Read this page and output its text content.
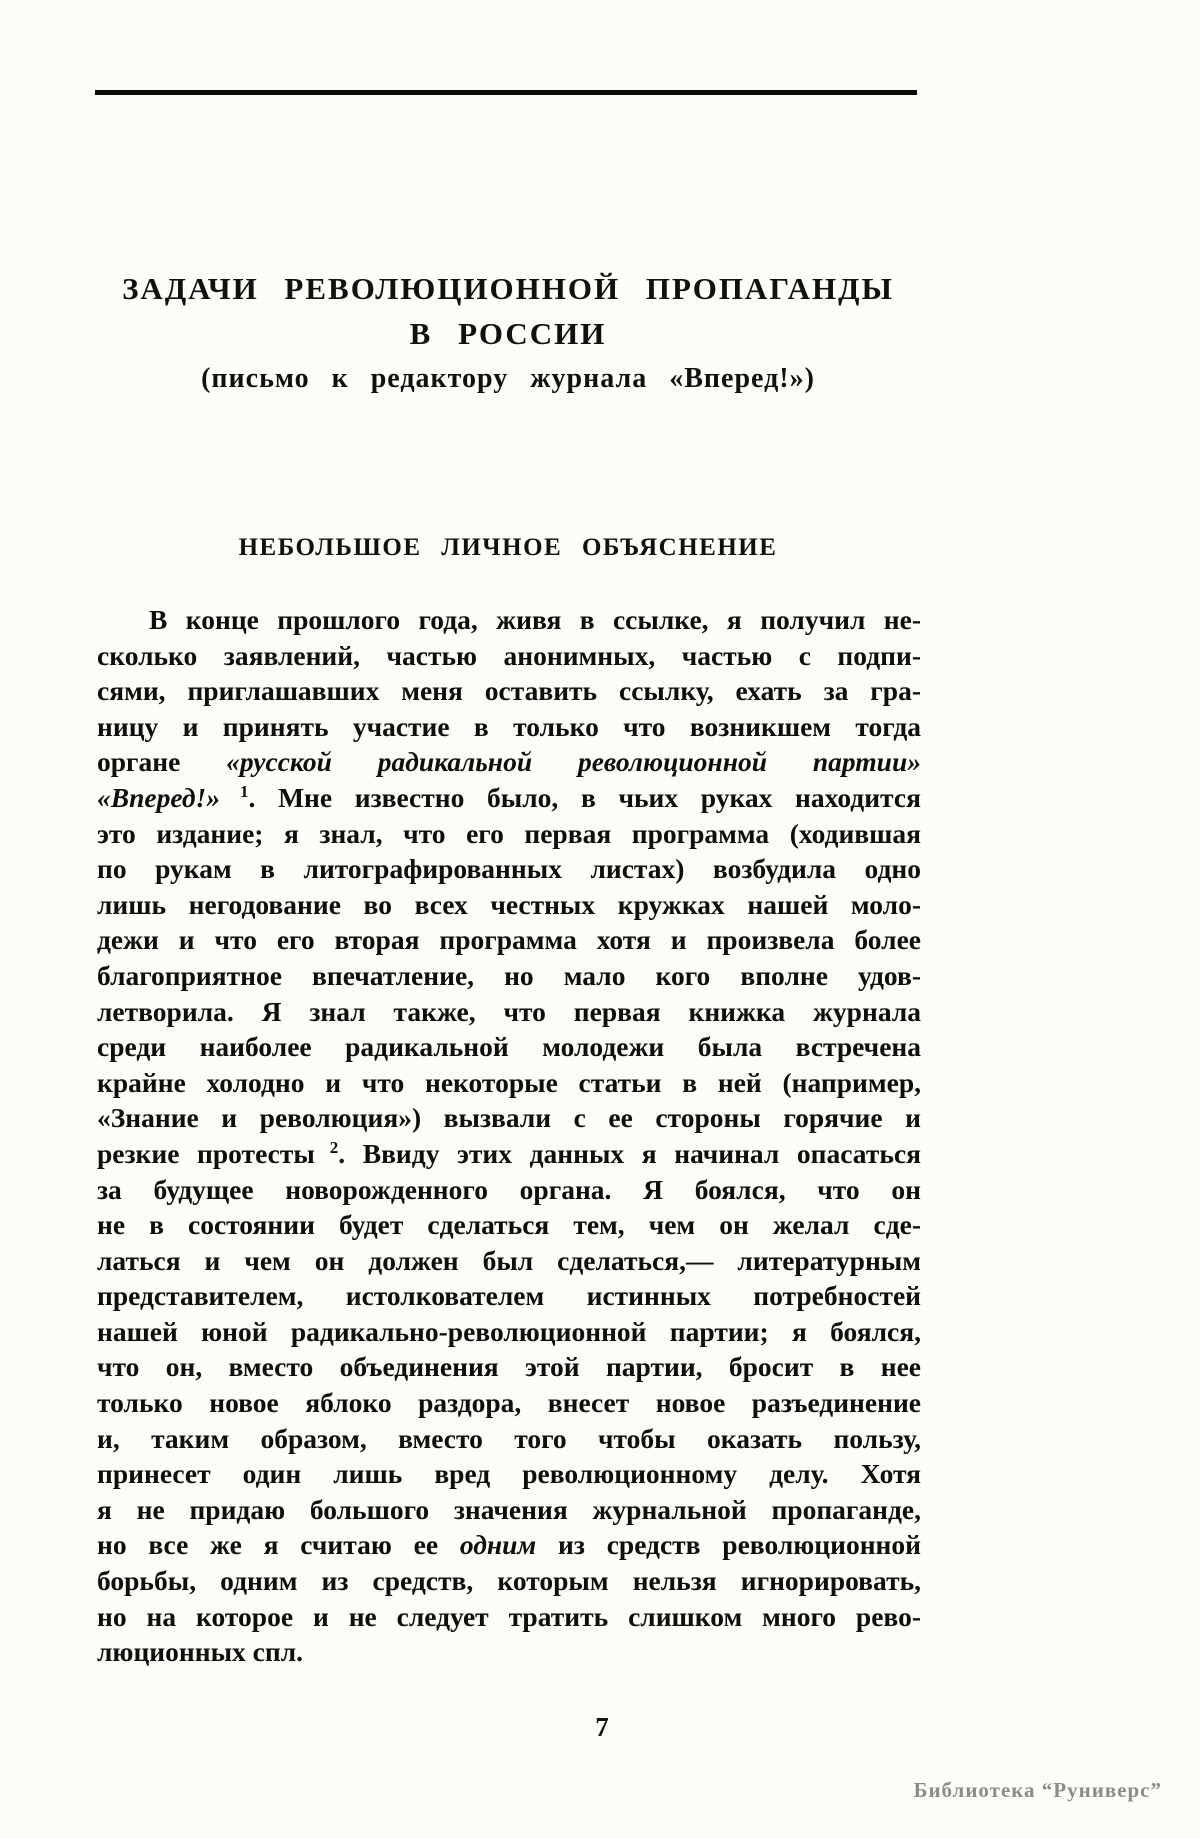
ЗАДАЧИ РЕВОЛЮЦИОННОЙ ПРОПАГАНДЫ
В РОССИИ
(письмо к редактору журнала «Вперед!»)
НЕБОЛЬШОЕ ЛИЧНОЕ ОБЪЯСНЕНИЕ
В конце прошлого года, живя в ссылке, я получил не-
сколько заявлений, частью анонимных, частью с подпи-
сями, приглашавших меня оставить ссылку, ехать за гра-
ницу и принять участие в только что возникшем тогда
органе «русской радикальной революционной партии»
«Вперед!» $^1$. Мне известно было, в чьих руках находится
это издание; я знал, что его первая программа (ходившая
по рукам в литографированных листах) возбудила одно
лишь негодование во всех честных кружках нашей моло-
дежи и что его вторая программа хотя и произвела более
благоприятное впечатление, но мало кого вполне удов-
летворила. Я знал также, что первая книжка журнала
среди наиболее радикальной молодежи была встречена
крайне холодно и что некоторые статьи в ней (например,
«Знание и революция») вызвали с ее стороны горячие и
резкие протесты $^2$. Ввиду этих данных я начинал опасаться
за будущее новорожденного органа. Я боялся, что он
не в состоянии будет сделаться тем, чем он желал сде-
латься и чем он должен был сделаться,— литературным
представителем, истолкователем истинных потребностей
нашей юной радикально-революционной партии; я боялся,
что он, вместо объединения этой партии, бросит в нее
только новое яблоко раздора, внесет новое разъединение
и, таким образом, вместо того чтобы оказать пользу,
принесет один лишь вред революционному делу. Хотя
я не придаю большого значения журнальной пропаганде,
но все же я считаю ее одним из средств революционной
борьбы, одним из средств, которым нельзя игнорировать,
но на которое и не следует тратить слишком много рево-
люционных спл.
7
Библиотека “Руниверс”
